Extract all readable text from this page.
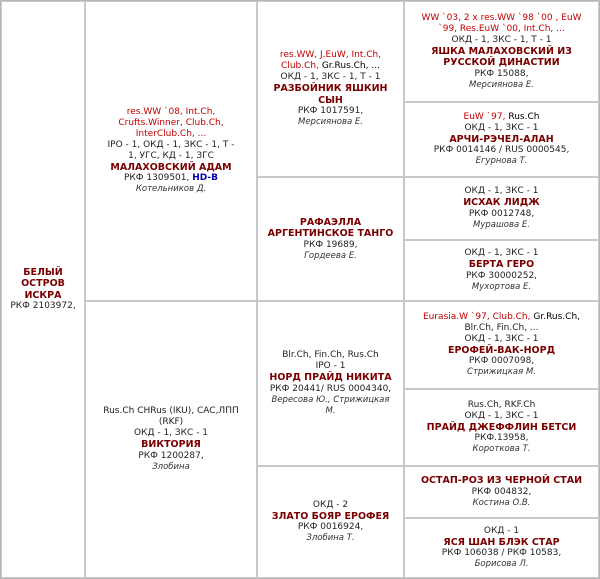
БЕЛЫЙ
ОСТРОВ
ИСКРА
РКФ 2103972,
res.WW `08, Int.Ch,
Crufts.Winner, Club.Ch,
InterClub.Ch, ...
IPO - 1, ОКД - 1, ЗКС - 1, Т -
1, УГС, КД - 1, ЗГС
МАЛАХОВСКИЙ АДАМ
РКФ 1309501, HD-B
Котельников Д.
Rus.Ch CHRus (IKU), CAC,ЛПП
(RKF)
ОКД - 1, ЗКС - 1
ВИКТОРИЯ
РКФ 1200287,
Злобина
res.WW, J.EuW, Int.Ch,
Club.Ch, Gr.Rus.Ch, ...
ОКД - 1, ЗКС - 1, Т - 1
РАЗБОЙНИК ЯШКИН
СЫН
РКФ 1017591,
Мерсиянова Е.
РАФАЭЛЛА
АРГЕНТИНСКОЕ ТАНГО
РКФ 19689,
Гордеева Е.
Blr.Ch, Fin.Ch, Rus.Ch
IPO - 1
НОРД ПРАЙД НИКИТА
РКФ 20441/ RUS 0004340,
Вересова Ю., Стрижицкая
М.
ОКД - 2
ЗЛАТО БОЯР ЕРОФЕЯ
РКФ 0016924,
Злобина Т.
WW `03, 2 x res.WW `98 `00 , EuW
`99, Res.EuW `00, Int.Ch, ...
ОКД - 1, ЗКС - 1, Т - 1
ЯШКА МАЛАХОВСКИЙ ИЗ
РУССКОЙ ДИНАСТИИ
РКФ 15088,
Мерсиянова Е.
EuW `97, Rus.Ch
ОКД - 1, ЗКС - 1
АРЧИ-РЭЧЕЛ-АЛАН
РКФ 0014146 / RUS 0000545,
Егурнова Т.
ОКД - 1, ЗКС - 1
ИСХАК ЛИДЖ
РКФ 0012748,
Мурашова Е.
ОКД - 1, ЗКС - 1
БЕРТА ГЕРО
РКФ 30000252,
Мухортова Е.
Eurasia.W `97, Club.Ch, Gr.Rus.Ch,
Blr.Ch, Fin.Ch, ...
ОКД - 1, ЗКС - 1
ЕРОФЕЙ-ВАК-НОРД
РКФ 0007098,
Стрижицкая М.
Rus.Ch, RKF.Ch
ОКД - 1, ЗКС - 1
ПРАЙД ДЖЕФФЛИН БЕТСИ
РКФ.13958,
Короткова Т.
ОСТАП-РОЗ ИЗ ЧЕРНОЙ СТАИ
РКФ 004832,
Костина О.В.
ОКД - 1
ЯСЯ ШАН БЛЭК СТАР
РКФ 106038 / РКФ 10583,
Борисова Л.
